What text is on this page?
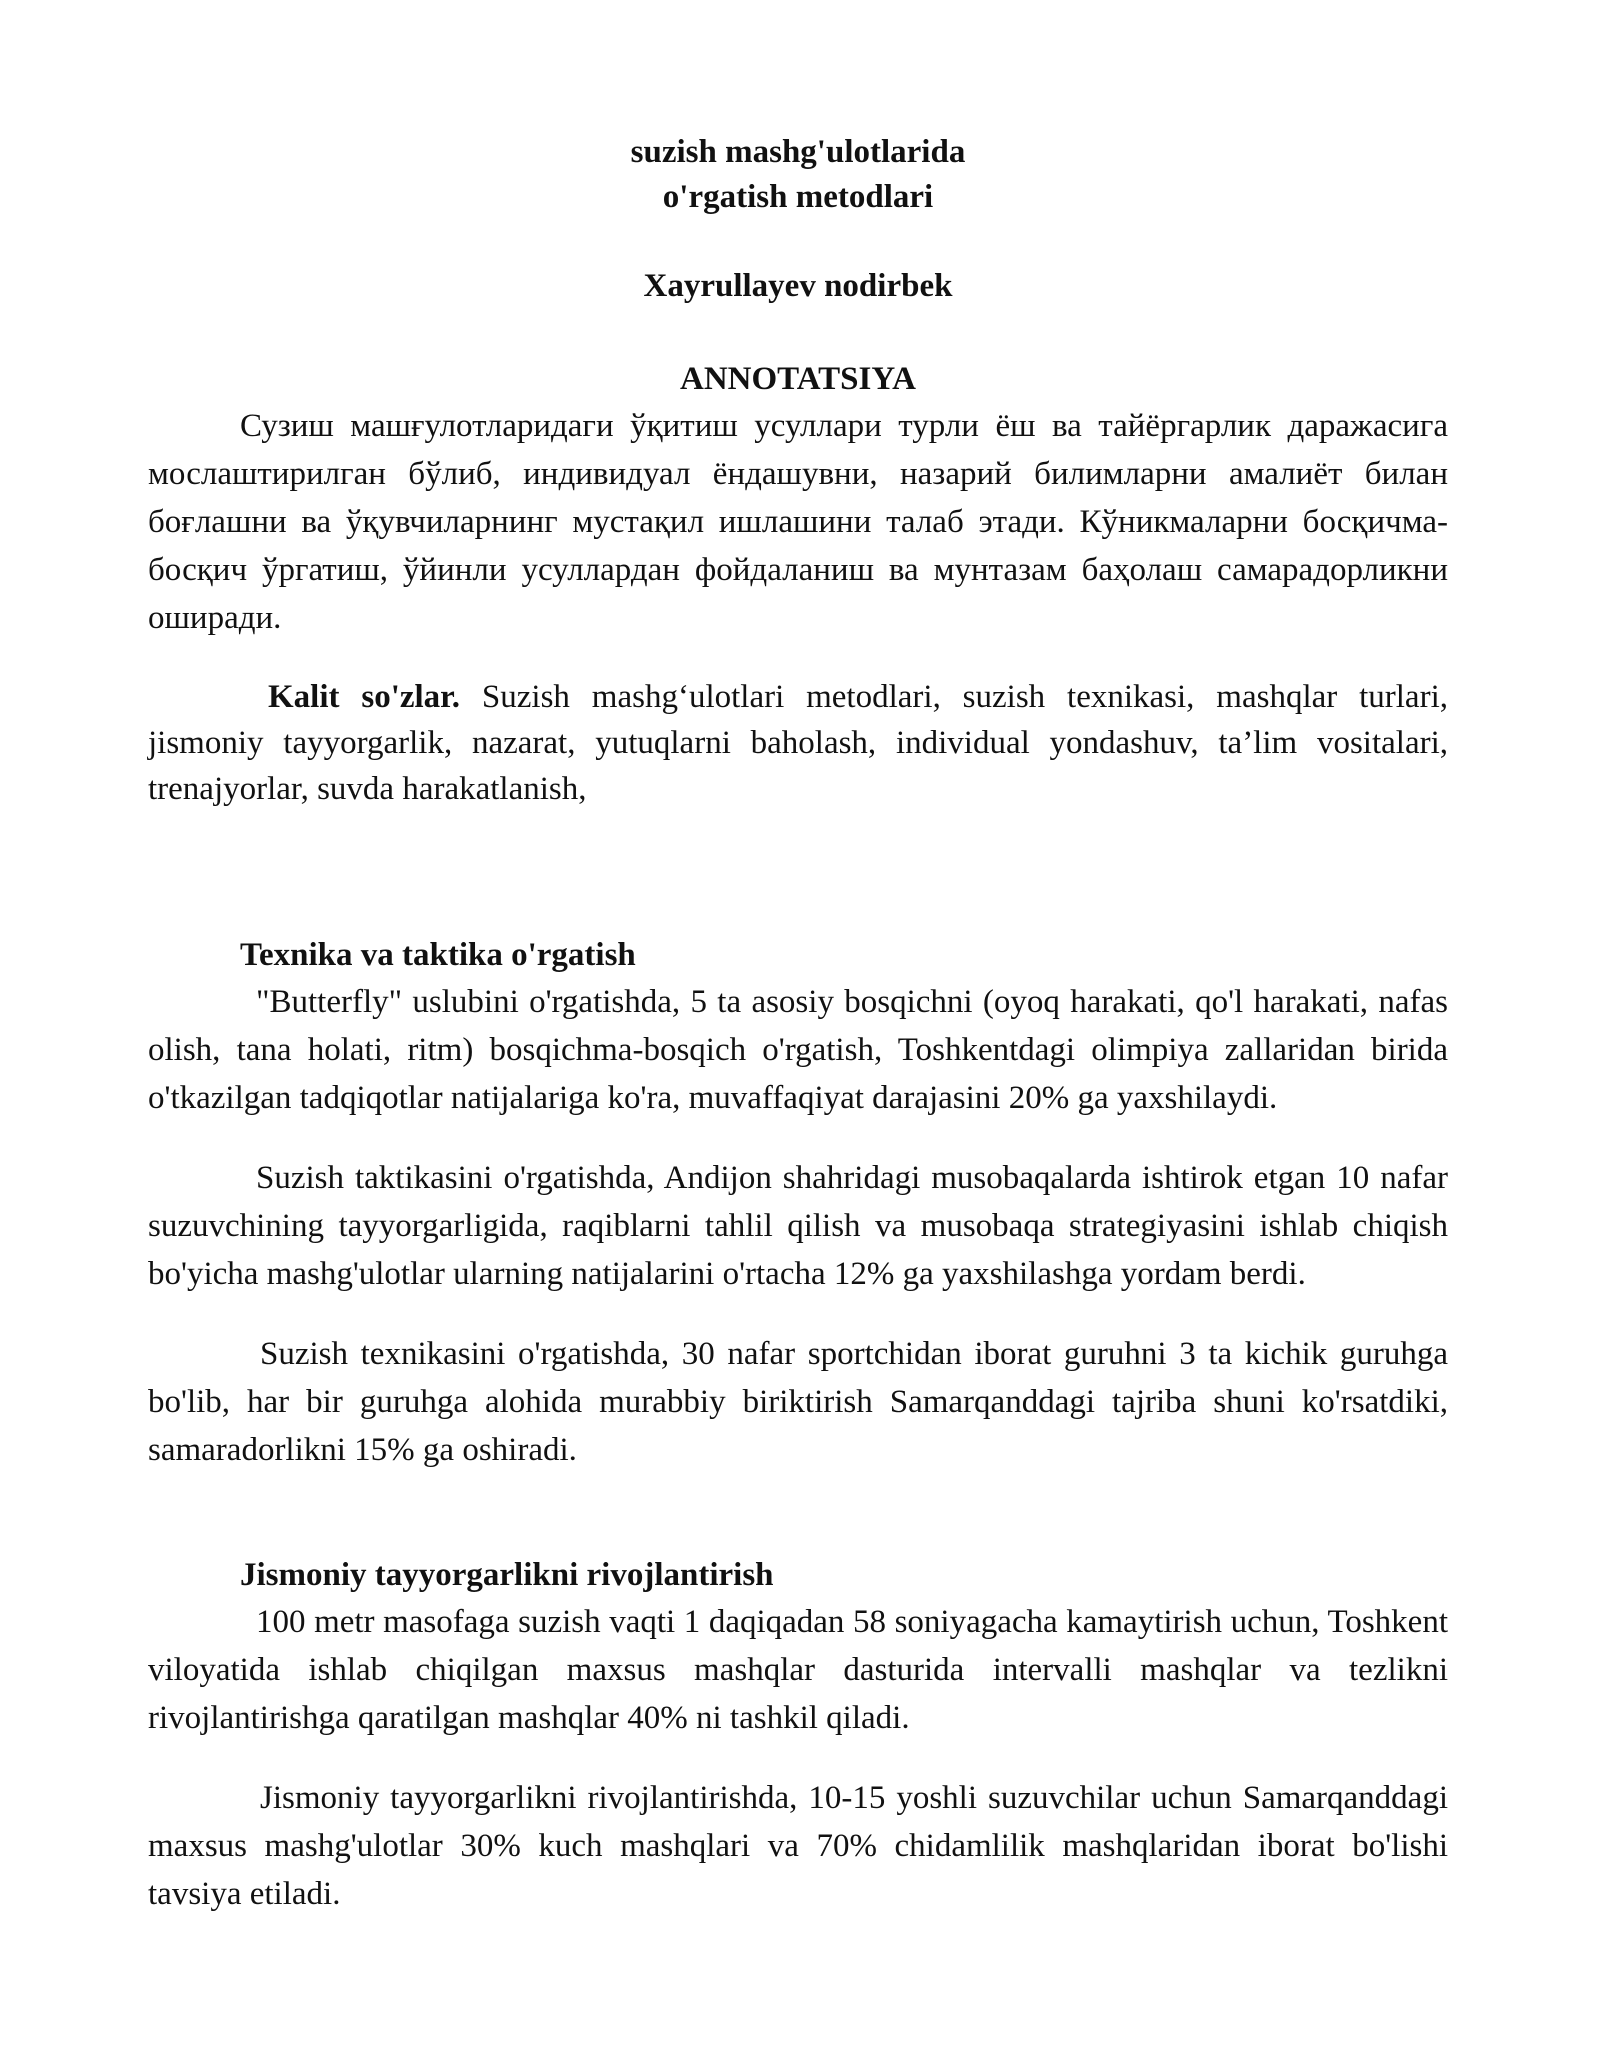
suzish mashg'ulotlarida
o'rgatish metodlari
Xayrullayev nodirbek
ANNOTATSIYA

Сузиш машғулотларидаги ўқитиш усуллари турли ёш ва тайёргарлик даражасига мослаштирилган бўлиб, индивидуал ёндашувни, назарий билимларни амалиёт билан боғлашни ва ўқувчиларнинг мустақил ишлашини талаб этади. Кўникмаларни босқичма-босқич ўргатиш, ўйинли усуллардан фойдаланиш ва мунтазам баҳолаш самарадорликни оширади.

Kalit so'zlar. Suzish mashg‘ulotlari metodlari, suzish texnikasi, mashqlar turlari, jismoniy tayyorgarlik, nazarat, yutuqlarni baholash, individual yondashuv, ta’lim vositalari, trenajyorlar, suvda harakatlanish,

Texnika va taktika o'rgatish

"Butterfly" uslubini o'rgatishda, 5 ta asosiy bosqichni (oyoq harakati, qo'l harakati, nafas olish, tana holati, ritm) bosqichma-bosqich o'rgatish, Toshkentdagi olimpiya zallaridan birida o'tkazilgan tadqiqotlar natijalariga ko'ra, muvaffaqiyat darajasini 20% ga yaxshilaydi.

Suzish taktikasini o'rgatishda, Andijon shahridagi musobaqalarda ishtirok etgan 10 nafar suzuvchining tayyorgarligida, raqiblarni tahlil qilish va musobaqa strategiyasini ishlab chiqish bo'yicha mashg'ulotlar ularning natijalarini o'rtacha 12% ga yaxshilashga yordam berdi.

Suzish texnikasini o'rgatishda, 30 nafar sportchidan iborat guruhni 3 ta kichik guruhga bo'lib, har bir guruhga alohida murabbiy biriktirish Samarqanddagi tajriba shuni ko'rsatdiki, samaradorlikni 15% ga oshiradi.

Jismoniy tayyorgarlikni rivojlantirish

100 metr masofaga suzish vaqti 1 daqiqadan 58 soniyagacha kamaytirish uchun, Toshkent viloyatida ishlab chiqilgan maxsus mashqlar dasturida intervalli mashqlar va tezlikni rivojlantirishga qaratilgan mashqlar 40% ni tashkil qiladi.

Jismoniy tayyorgarlikni rivojlantirishda, 10-15 yoshli suzuvchilar uchun Samarqanddagi maxsus mashg'ulotlar 30% kuch mashqlari va 70% chidamlilik mashqlaridan iborat bo'lishi tavsiya etiladi.
